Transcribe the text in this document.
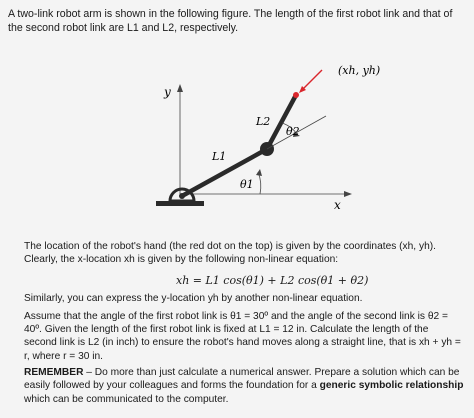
A two-link robot arm is shown in the following figure. The length of the first robot link and that of the second robot link are L1 and L2, respectively.
y
x
(xh, yh)
L1
L2
θ1
θ2
The location of the robot's hand (the red dot on the top) is given by the coordinates (xh, yh). Clearly, the x-location xh is given by the following non-linear equation:
xh = L1 cos(θ1) + L2 cos(θ1 + θ2)
Similarly, you can express the y-location yh by another non-linear equation.
Assume that the angle of the first robot link is θ1 = 30º and the angle of the second link is θ2 = 40º. Given the length of the first robot link is fixed at L1 = 12 in. Calculate the length of the second link is L2 (in inch) to ensure the robot's hand moves along a straight line, that is xh + yh = r, where r = 30 in.
REMEMBER – Do more than just calculate a numerical answer. Prepare a solution which can be easily followed by your colleagues and forms the foundation for a generic symbolic relationship which can be communicated to the computer.
